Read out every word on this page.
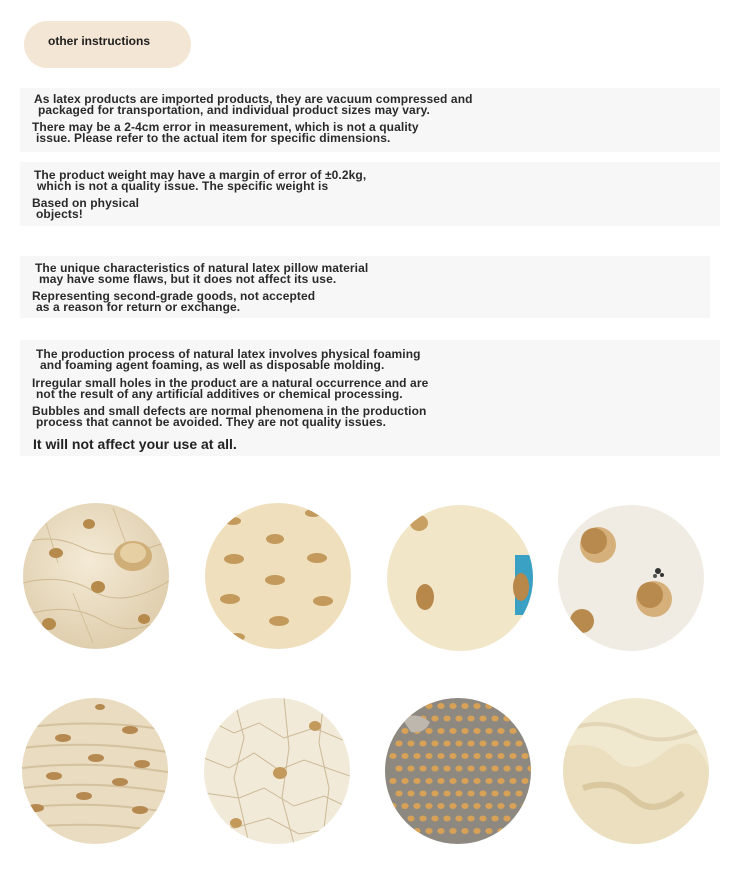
other instructions
As latex products are imported products, they are vacuum compressed and
packaged for transportation, and individual product sizes may vary.
There may be a 2-4cm error in measurement, which is not a quality
issue. Please refer to the actual item for specific dimensions.
The product weight may have a margin of error of ±0.2kg,
which is not a quality issue. The specific weight is
Based on physical
objects!
The unique characteristics of natural latex pillow material
may have some flaws, but it does not affect its use.
Representing second-grade goods, not accepted
as a reason for return or exchange.
The production process of natural latex involves physical foaming
and foaming agent foaming, as well as disposable molding.
Irregular small holes in the product are a natural occurrence and are
not the result of any artificial additives or chemical processing.
Bubbles and small defects are normal phenomena in the production
process that cannot be avoided. They are not quality issues.
It will not affect your use at all.
